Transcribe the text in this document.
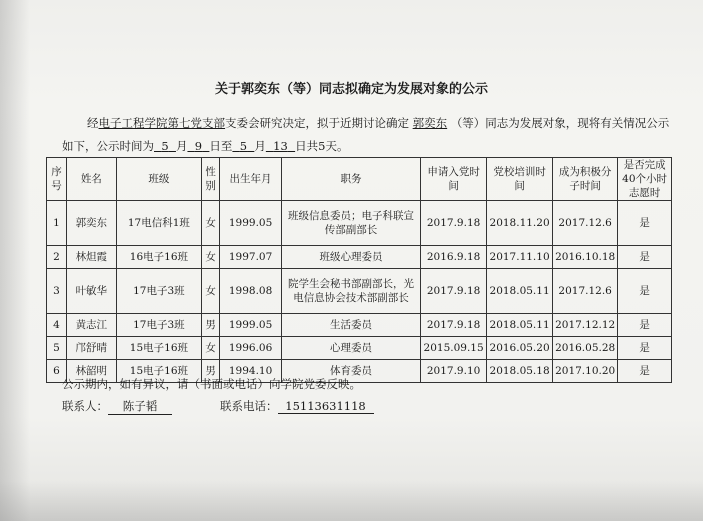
关于郭奕东（等）同志拟确定为发展对象的公示
经电子工程学院第七党支部支委会研究决定，拟于近期讨论确定 郭奕东 （等）同志为发展对象，现将有关情况公示如下，公示时间为 5 月 9 日至 5 月 13 日共5天。
序号	姓名	班级	性别	出生年月	职务	申请入党时间	党校培训时间	成为积极分子时间	是否完成40个小时志愿时
1	郭奕东	17电信科1班	女	1999.05	班级信息委员；电子科联宣传部副部长	2017.9.18	2018.11.20	2017.12.6	是
2	林炟霞	16电子16班	女	1997.07	班级心理委员	2016.9.18	2017.11.10	2016.10.18	是
3	叶敏华	17电子3班	女	1998.08	院学生会秘书部副部长，光电信息协会技术部副部长	2017.9.18	2018.05.11	2017.12.6	是
4	黄志江	17电子3班	男	1999.05	生活委员	2017.9.18	2018.05.11	2017.12.12	是
5	邝舒晴	15电子16班	女	1996.06	心理委员	2015.09.15	2016.05.20	2016.05.28	是
6	林韶明	15电子16班	男	1994.10	体育委员	2017.9.10	2018.05.18	2017.10.20	是
公示期内，如有异议，请（书面或电话）向学院党委反映。
联系人： 陈子韬	联系电话： 15113631118
